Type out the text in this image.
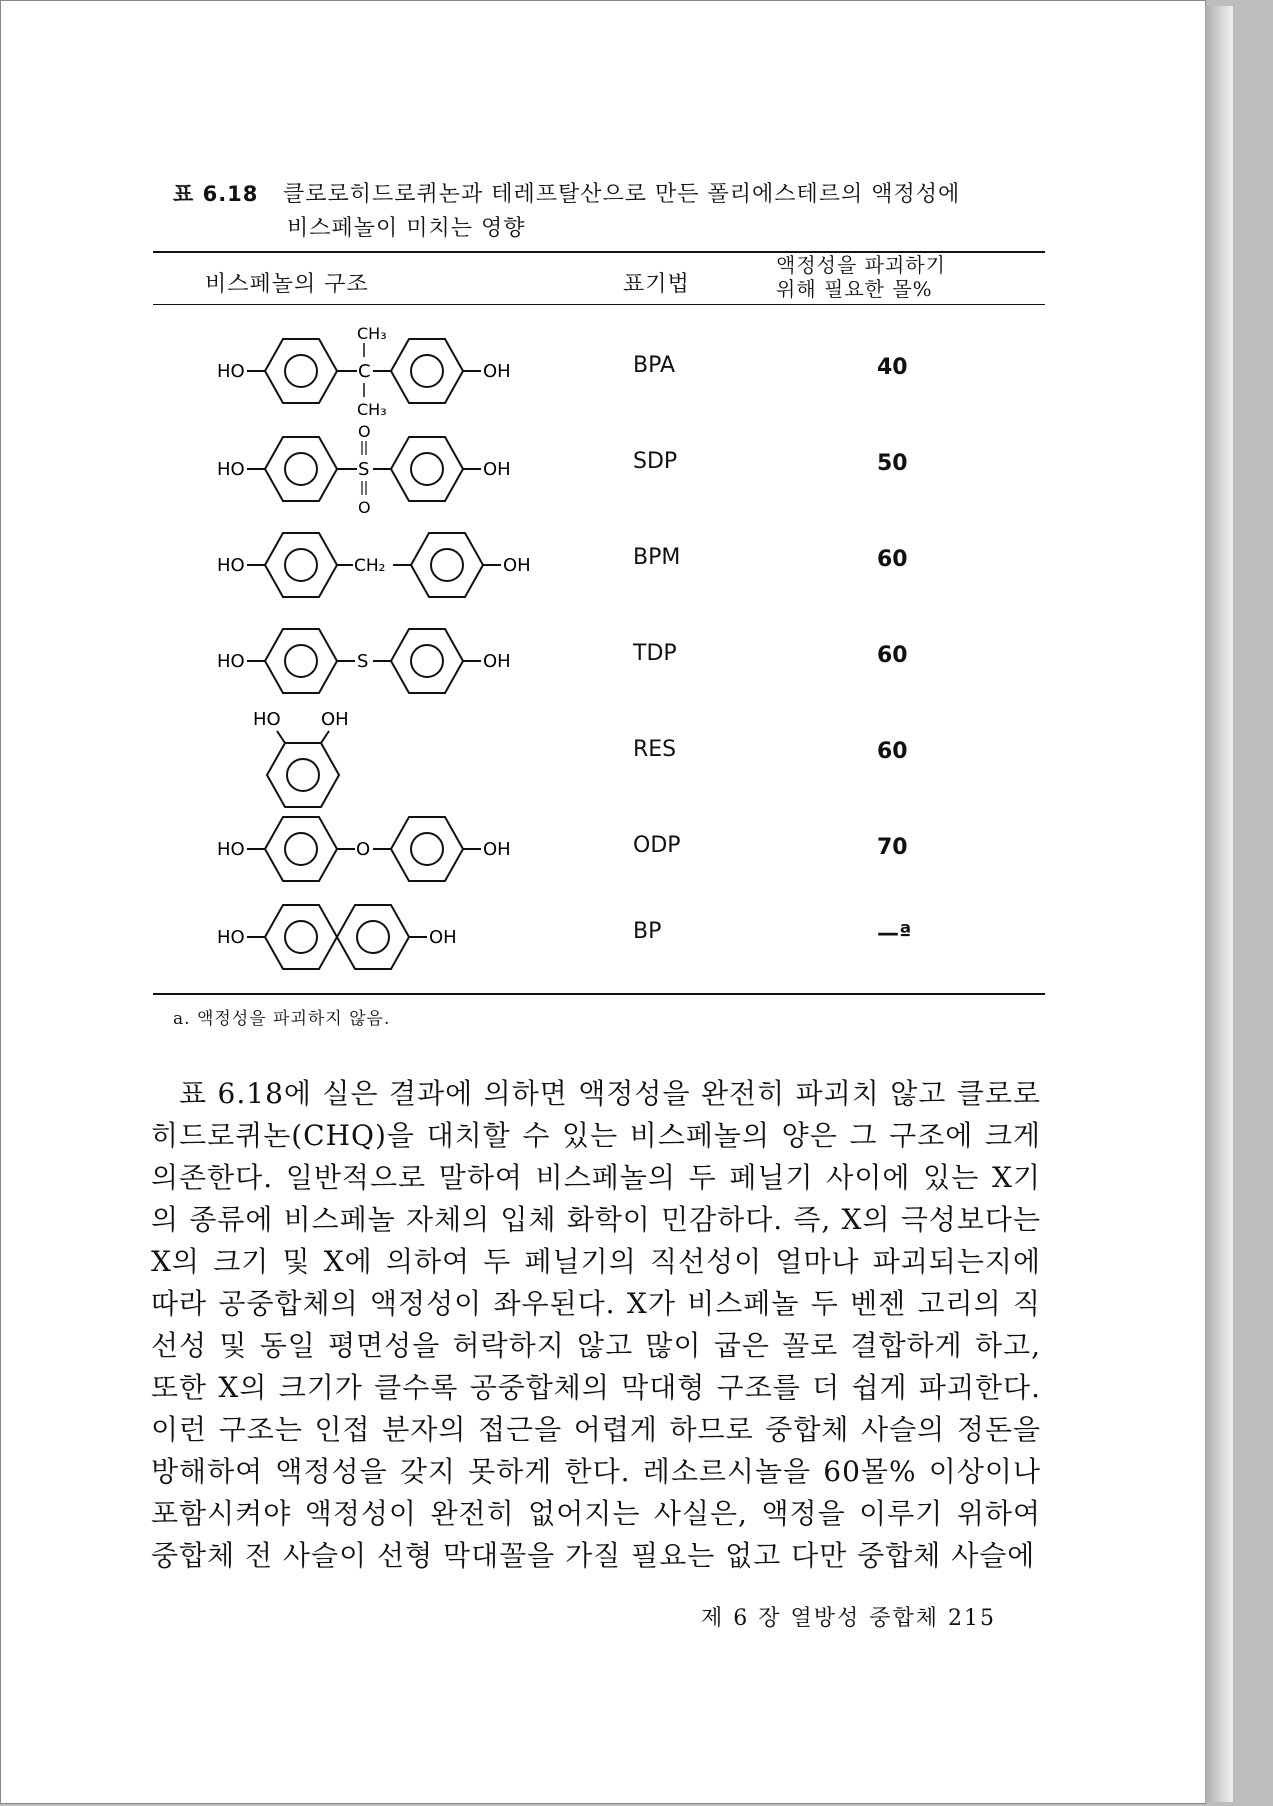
표 6.18 클로로히드로퀴논과 테레프탈산으로 만든 폴리에스테르의 액정성에
비스페놀이 미치는 영향
비스페놀의 구조	표기법
액정성을 파괴하기
위해 필요한 몰%
HO
CH₃
C
CH₃
OH	BPA	40
HO
O
S
O
OH	SDP	50
HO	CH₂	OH	BPM	60
HO	S	OH	TDP	60
HO OH
RES	60
HO	O	OH	ODP	70
HO	OH	BP	—ª
a. 액정성을 파괴하지 않음.
표 6.18에 실은 결과에 의하면 액정성을 완전히 파괴치 않고 클로로히드로퀴논(CHQ)을 대치할 수 있는 비스페놀의 양은 그 구조에 크게 의존한다. 일반적으로 말하여 비스페놀의 두 페닐기 사이에 있는 X기의 종류에 비스페놀 자체의 입체 화학이 민감하다. 즉, X의 극성보다는 X의 크기 및 X에 의하여 두 페닐기의 직선성이 얼마나 파괴되는지에 따라 공중합체의 액정성이 좌우된다. X가 비스페놀 두 벤젠 고리의 직선성 및 동일 평면성을 허락하지 않고 많이 굽은 꼴로 결합하게 하고, 또한 X의 크기가 클수록 공중합체의 막대형 구조를 더 쉽게 파괴한다. 이런 구조는 인접 분자의 접근을 어렵게 하므로 중합체 사슬의 정돈을 방해하여 액정성을 갖지 못하게 한다. 레소르시놀을 60몰% 이상이나 포함시켜야 액정성이 완전히 없어지는 사실은, 액정을 이루기 위하여 중합체 전 사슬이 선형 막대꼴을 가질 필요는 없고 다만 중합체 사슬에
제 6 장 열방성 중합체 215
